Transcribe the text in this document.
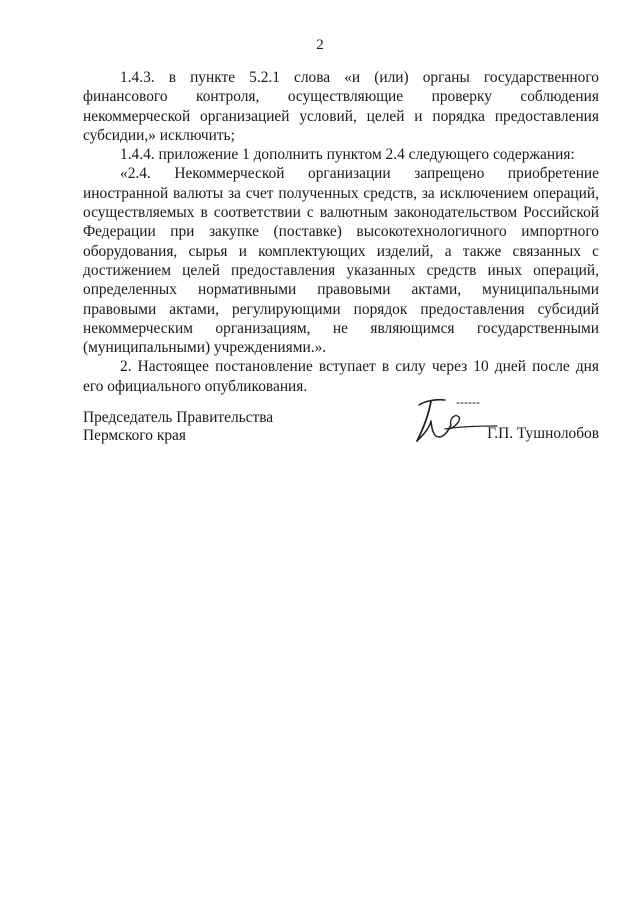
2

1.4.3. в пункте 5.2.1 слова «и (или) органы государственного финансового контроля, осуществляющие проверку соблюдения некоммерческой организацией условий, целей и порядка предоставления субсидии,» исключить;

1.4.4. приложение 1 дополнить пунктом 2.4 следующего содержания:

«2.4. Некоммерческой организации запрещено приобретение иностранной валюты за счет полученных средств, за исключением операций, осуществляемых в соответствии с валютным законодательством Российской Федерации при закупке (поставке) высокотехнологичного импортного оборудования, сырья и комплектующих изделий, а также связанных с достижением целей предоставления указанных средств иных операций, определенных нормативными правовыми актами, муниципальными правовыми актами, регулирующими порядок предоставления субсидий некоммерческим организациям, не являющимся государственными (муниципальными) учреждениями.».

2. Настоящее постановление вступает в силу через 10 дней после дня его официального опубликования.

Председатель Правительства
Пермского края	Г.П. Тушнолобов
